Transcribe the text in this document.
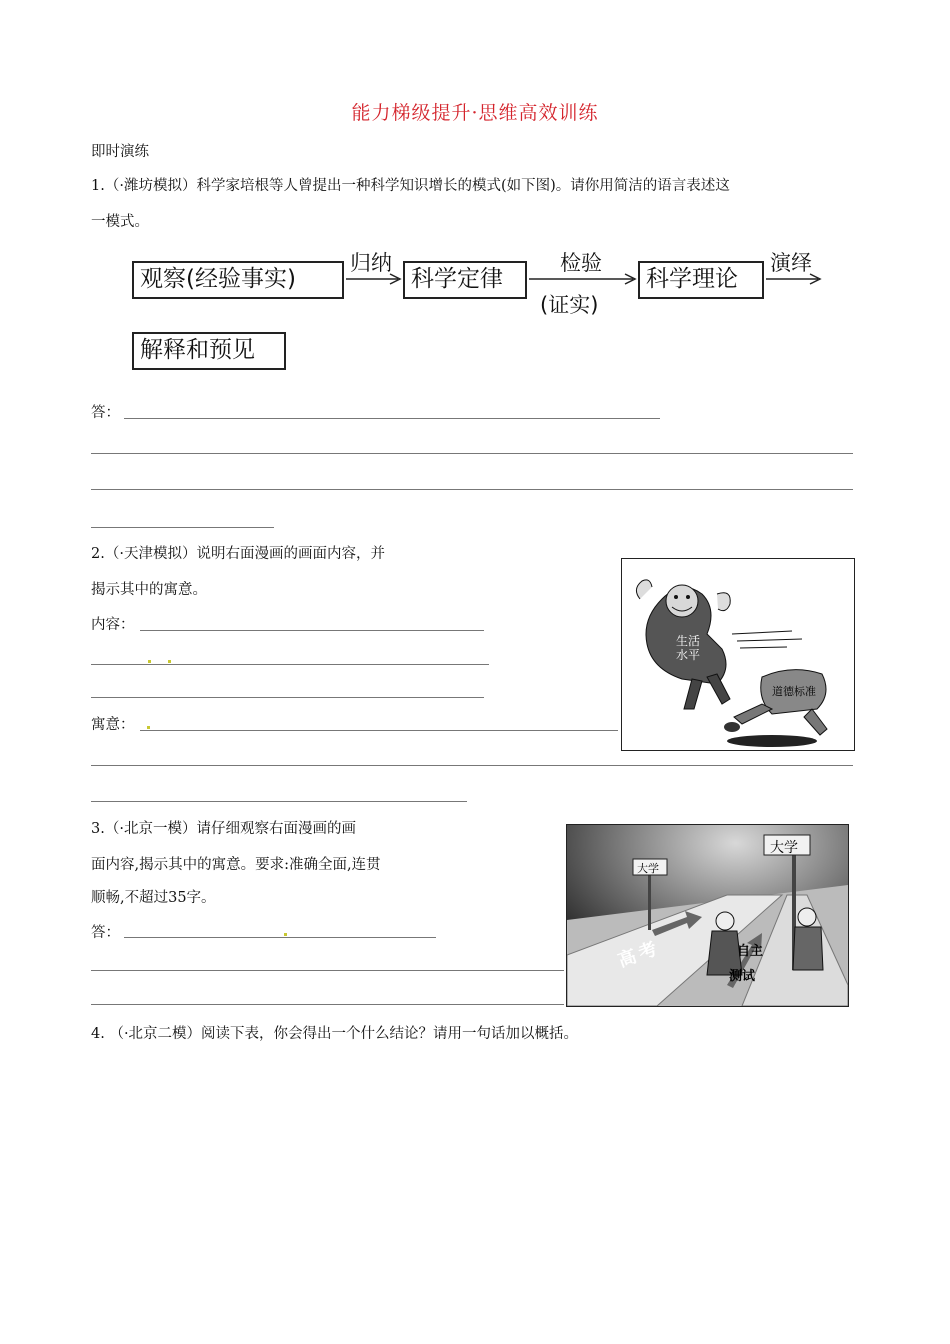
能力梯级提升·思维高效训练
即时演练
1.（·潍坊模拟）科学家培根等人曾提出一种科学知识增长的模式(如下图)。请你用简洁的语言表述这
一模式。
观察(经验事实)
归纳
科学定律
检验
(证实)
科学理论
演绎
解释和预见
答：
2.（·天津模拟）说明右面漫画的画面内容，并
揭示其中的寓意。
内容：
寓意：
生活
水平
道德标准
3.（·北京一模）请仔细观察右面漫画的画
面内容,揭示其中的寓意。要求:准确全面,连贯
顺畅,不超过35字。
答：
大学
大学
高考	自主
测试
4. （·北京二模）阅读下表，你会得出一个什么结论？请用一句话加以概括。
